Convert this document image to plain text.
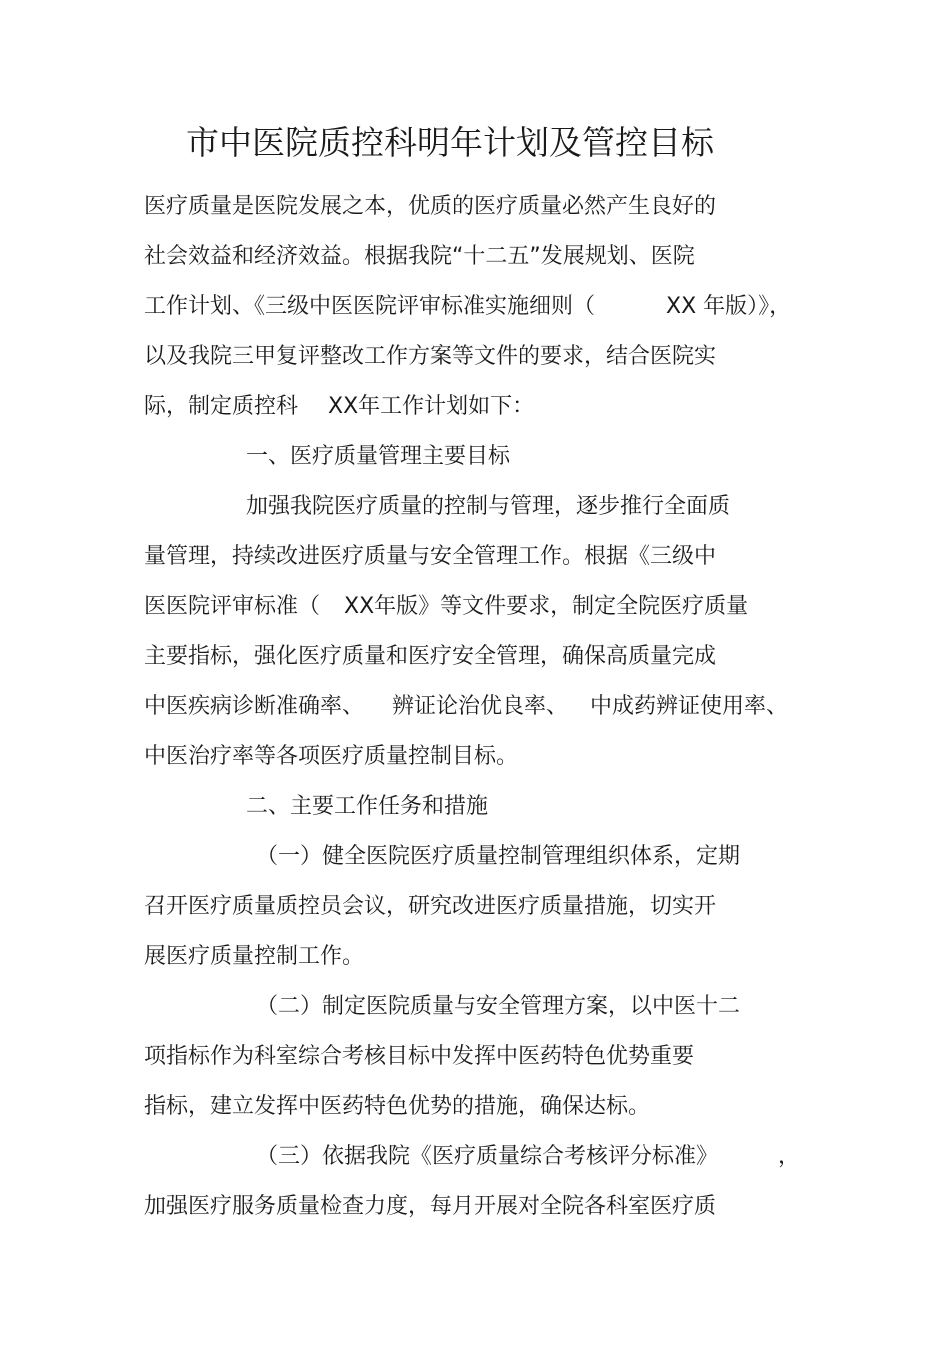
市中医院质控科明年计划及管控目标

医疗质量是医院发展之本，优质的医疗质量必然产生良好的

社会效益和经济效益。根据我院“十二五”发展规划、医院

工作计划、《三级中医医院评审标准实施细则（	XX 年版）》，

以及我院三甲复评整改工作方案等文件的要求，结合医院实

际，制定质控科 XX年工作计划如下：

一、医疗质量管理主要目标

加强我院医疗质量的控制与管理，逐步推行全面质

量管理，持续改进医疗质量与安全管理工作。根据《三级中

医医院评审标准（ XX年版》等文件要求，制定全院医疗质量

主要指标，强化医疗质量和医疗安全管理，确保高质量完成

中医疾病诊断准确率、 辨证论治优良率、 中成药辨证使用率、

中医治疗率等各项医疗质量控制目标。

二、主要工作任务和措施

（一）健全医院医疗质量控制管理组织体系，定期

召开医疗质量质控员会议，研究改进医疗质量措施，切实开

展医疗质量控制工作。

（二）制定医院质量与安全管理方案，以中医十二

项指标作为科室综合考核目标中发挥中医药特色优势重要

指标，建立发挥中医药特色优势的措施，确保达标。

（三）依据我院《医疗质量综合考核评分标准》	，

加强医疗服务质量检查力度，每月开展对全院各科室医疗质
